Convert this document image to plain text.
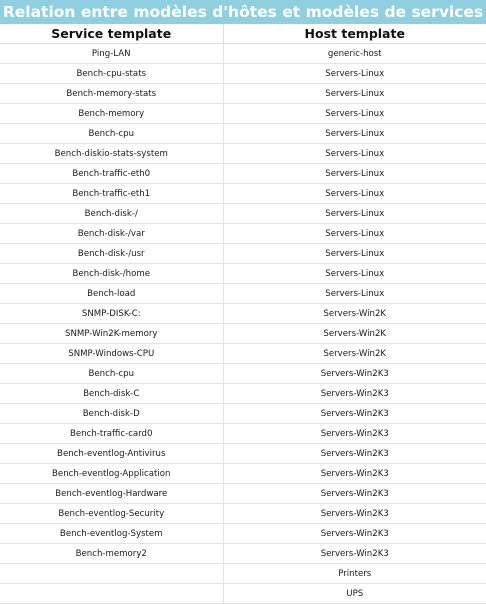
Relation entre modèles d'hôtes et modèles de services
Service template	Host template
Ping-LAN	generic-host
Bench-cpu-stats	Servers-Linux
Bench-memory-stats	Servers-Linux
Bench-memory	Servers-Linux
Bench-cpu	Servers-Linux
Bench-diskio-stats-system	Servers-Linux
Bench-traffic-eth0	Servers-Linux
Bench-traffic-eth1	Servers-Linux
Bench-disk-/	Servers-Linux
Bench-disk-/var	Servers-Linux
Bench-disk-/usr	Servers-Linux
Bench-disk-/home	Servers-Linux
Bench-load	Servers-Linux
SNMP-DISK-C:	Servers-Win2K
SNMP-Win2K-memory	Servers-Win2K
SNMP-Windows-CPU	Servers-Win2K
Bench-cpu	Servers-Win2K3
Bench-disk-C	Servers-Win2K3
Bench-disk-D	Servers-Win2K3
Bench-traffic-card0	Servers-Win2K3
Bench-eventlog-Antivirus	Servers-Win2K3
Bench-eventlog-Application	Servers-Win2K3
Bench-eventlog-Hardware	Servers-Win2K3
Bench-eventlog-Security	Servers-Win2K3
Bench-eventlog-System	Servers-Win2K3
Bench-memory2	Servers-Win2K3
	Printers
	UPS
